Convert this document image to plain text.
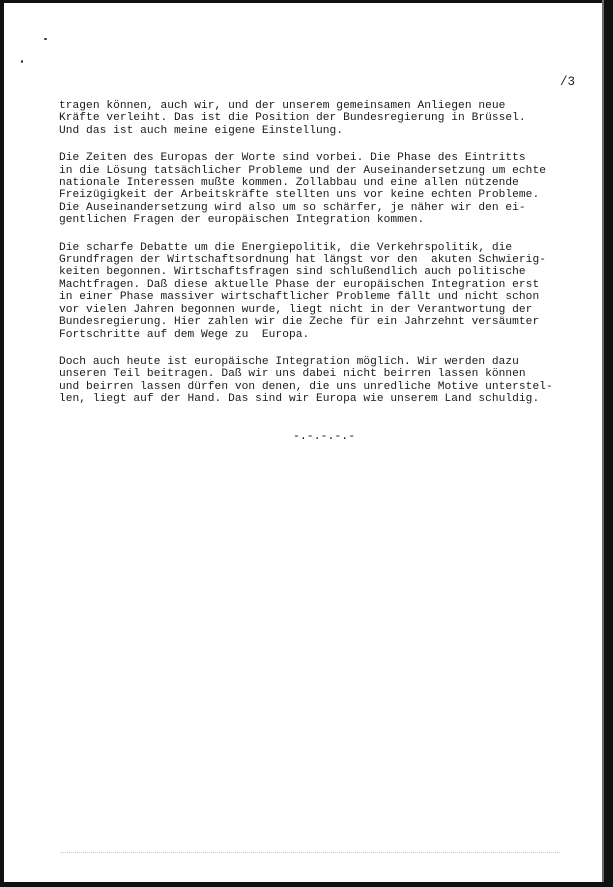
/3

tragen können, auch wir, und der unserem gemeinsamen Anliegen neue
Kräfte verleiht. Das ist die Position der Bundesregierung in Brüssel.
Und das ist auch meine eigene Einstellung.

Die Zeiten des Europas der Worte sind vorbei. Die Phase des Eintritts
in die Lösung tatsächlicher Probleme und der Auseinandersetzung um echte
nationale Interessen mußte kommen. Zollabbau und eine allen nützende
Freizügigkeit der Arbeitskräfte stellten uns vor keine echten Probleme.
Die Auseinandersetzung wird also um so schärfer, je näher wir den ei-
gentlichen Fragen der europäischen Integration kommen.

Die scharfe Debatte um die Energiepolitik, die Verkehrspolitik, die
Grundfragen der Wirtschaftsordnung hat längst vor den  akuten Schwierig-
keiten begonnen. Wirtschaftsfragen sind schlußendlich auch politische
Machtfragen. Daß diese aktuelle Phase der europäischen Integration erst
in einer Phase massiver wirtschaftlicher Probleme fällt und nicht schon
vor vielen Jahren begonnen wurde, liegt nicht in der Verantwortung der
Bundesregierung. Hier zahlen wir die Zeche für ein Jahrzehnt versäumter
Fortschritte auf dem Wege zu  Europa.

Doch auch heute ist europäische Integration möglich. Wir werden dazu
unseren Teil beitragen. Daß wir uns dabei nicht beirren lassen können
und beirren lassen dürfen von denen, die uns unredliche Motive unterstel-
len, liegt auf der Hand. Das sind wir Europa wie unserem Land schuldig.

-.-.-.-.-
